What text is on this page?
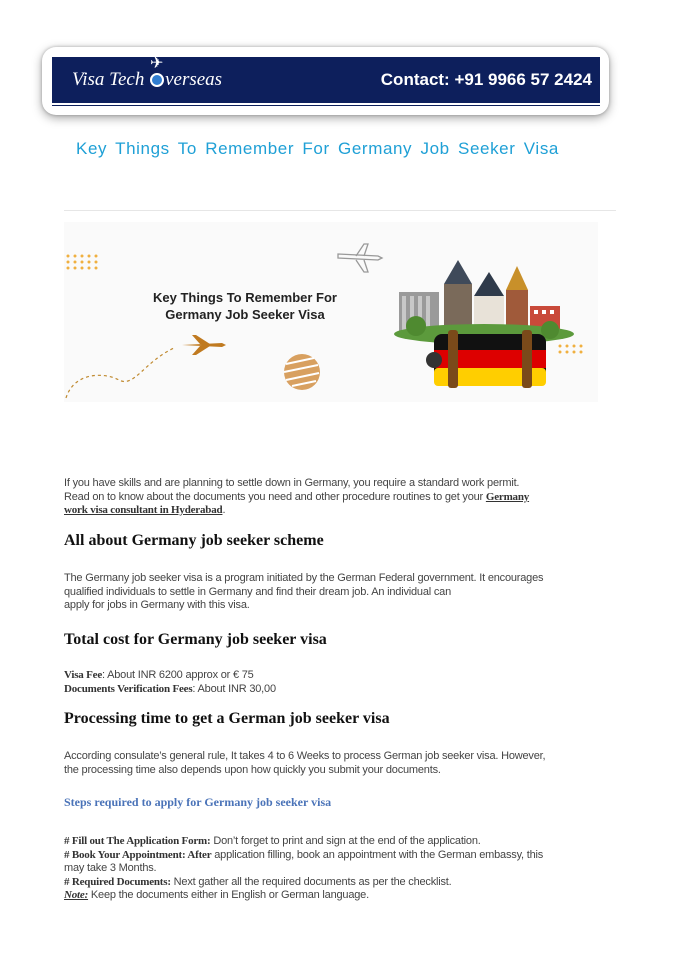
✈
Visa Tech verseas	Contact: +91 9966 57 2424
Key Things To Remember For Germany Job Seeker Visa

Key Things To Remember For
Germany Job Seeker Visa

If you have skills and are planning to settle down in Germany, you require a standard work permit.
Read on to know about the documents you need and other procedure routines to get your Germany
work visa consultant in Hyderabad.

All about Germany job seeker scheme

The Germany job seeker visa is a program initiated by the German Federal government. It encourages
qualified individuals to settle in Germany and find their dream job. An individual can
apply for jobs in Germany with this visa.

Total cost for Germany job seeker visa

Visa Fee: About INR 6200 approx or € 75
Documents Verification Fees: About INR 30,00

Processing time to get a German job seeker visa

According consulate’s general rule, It takes 4 to 6 Weeks to process German job seeker visa. However,
the processing time also depends upon how quickly you submit your documents.

Steps required to apply for Germany job seeker visa

# Fill out The Application Form: Don’t forget to print and sign at the end of the application.
# Book Your Appointment: After application filling, book an appointment with the German embassy, this
may take 3 Months.
# Required Documents: Next gather all the required documents as per the checklist.
Note: Keep the documents either in English or German language.
